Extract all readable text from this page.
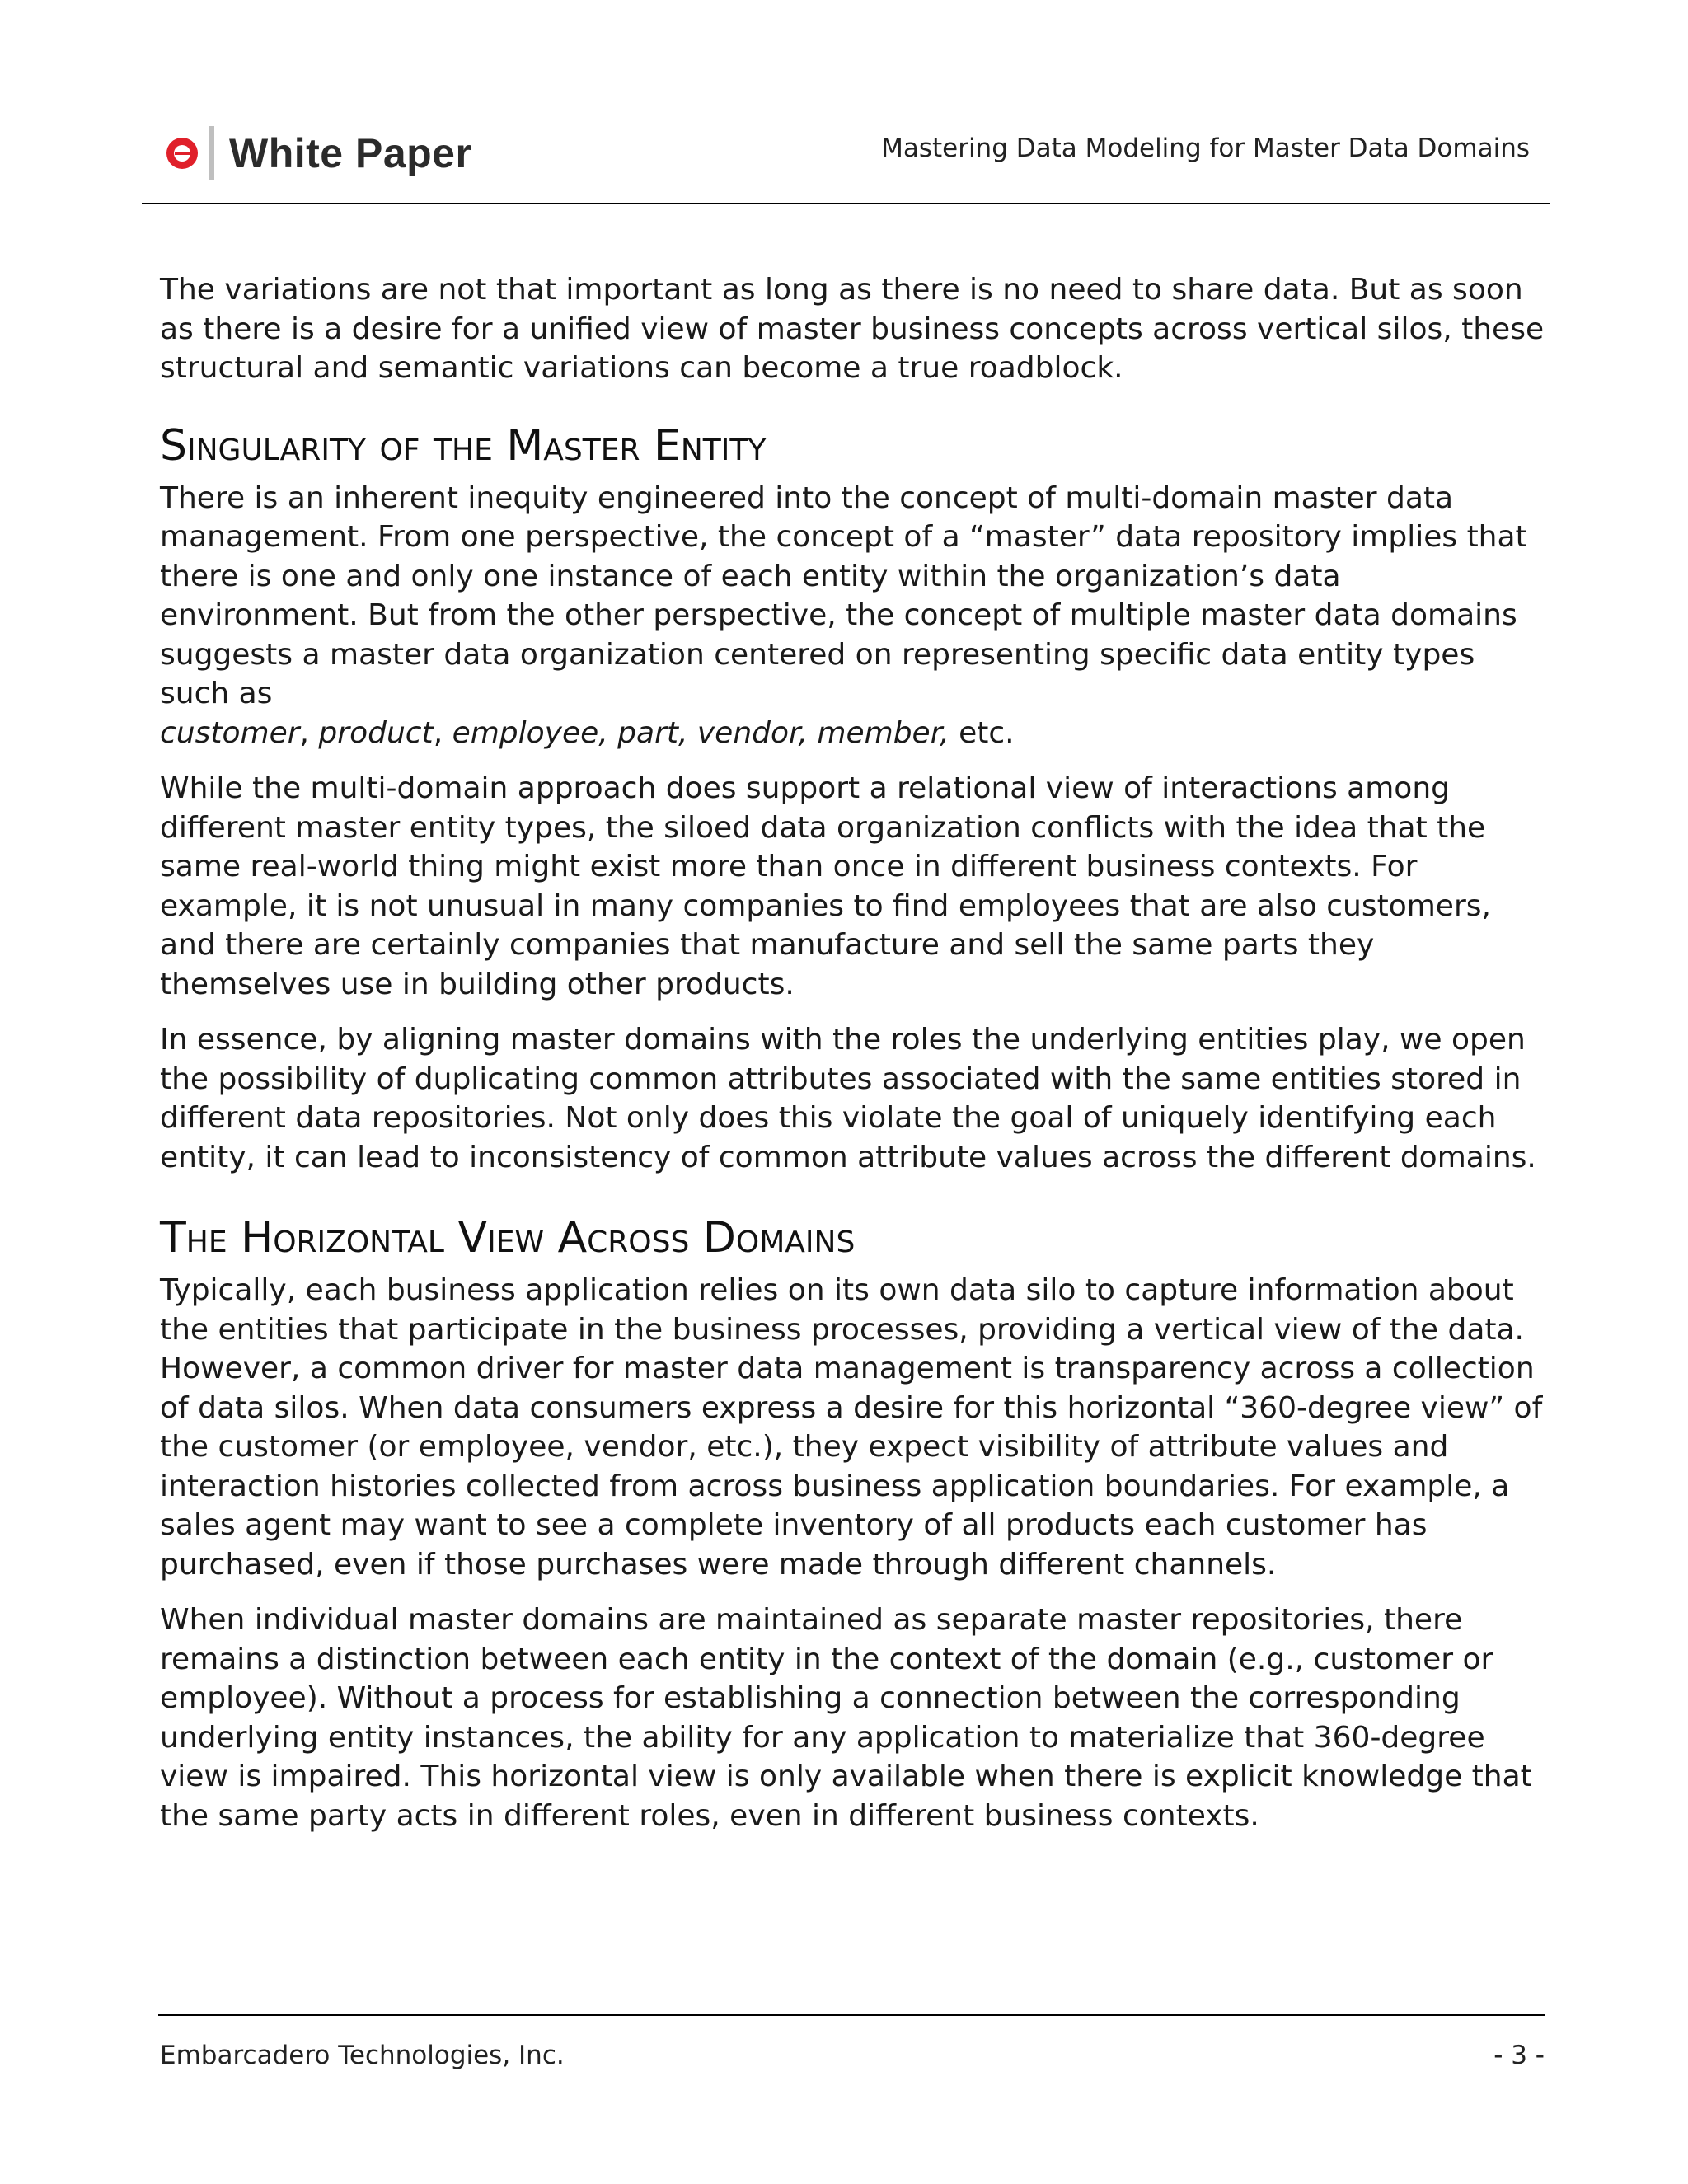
White Paper	Mastering Data Modeling for Master Data Domains

The variations are not that important as long as there is no need to share data. But as soon as there is a desire for a unified view of master business concepts across vertical silos, these structural and semantic variations can become a true roadblock.

Singularity of the Master Entity

There is an inherent inequity engineered into the concept of multi-domain master data management. From one perspective, the concept of a “master” data repository implies that there is one and only one instance of each entity within the organization’s data environment. But from the other perspective, the concept of multiple master data domains suggests a master data organization centered on representing specific data entity types such as
customer, product, employee, part, vendor, member, etc.

While the multi-domain approach does support a relational view of interactions among different master entity types, the siloed data organization conflicts with the idea that the same real-world thing might exist more than once in different business contexts. For example, it is not unusual in many companies to find employees that are also customers, and there are certainly companies that manufacture and sell the same parts they themselves use in building other products.

In essence, by aligning master domains with the roles the underlying entities play, we open the possibility of duplicating common attributes associated with the same entities stored in different data repositories. Not only does this violate the goal of uniquely identifying each entity, it can lead to inconsistency of common attribute values across the different domains.

The Horizontal View Across Domains

Typically, each business application relies on its own data silo to capture information about the entities that participate in the business processes, providing a vertical view of the data. However, a common driver for master data management is transparency across a collection of data silos. When data consumers express a desire for this horizontal “360-degree view” of the customer (or employee, vendor, etc.), they expect visibility of attribute values and interaction histories collected from across business application boundaries. For example, a sales agent may want to see a complete inventory of all products each customer has purchased, even if those purchases were made through different channels.

When individual master domains are maintained as separate master repositories, there remains a distinction between each entity in the context of the domain (e.g., customer or employee). Without a process for establishing a connection between the corresponding underlying entity instances, the ability for any application to materialize that 360-degree view is impaired. This horizontal view is only available when there is explicit knowledge that the same party acts in different roles, even in different business contexts.

Embarcadero Technologies, Inc.	- 3 -
